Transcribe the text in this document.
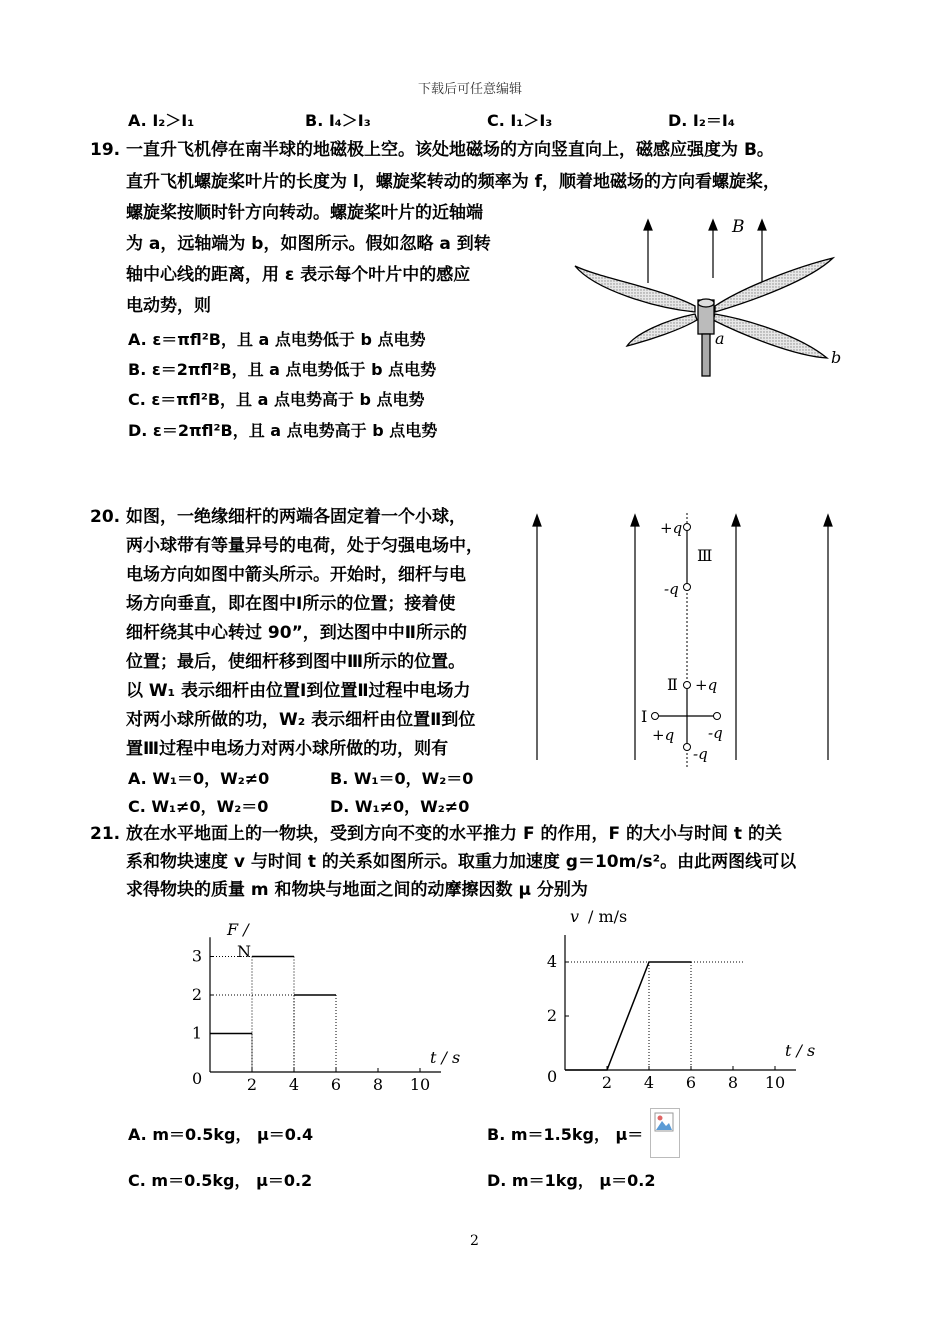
下载后可任意编辑
A. I₂＞I₁	B. I₄＞I₃	C. I₁＞I₃	D. I₂＝I₄
19. 一直升飞机停在南半球的地磁极上空。该处地磁场的方向竖直向上，磁感应强度为 B。
直升飞机螺旋桨叶片的长度为 l，螺旋桨转动的频率为 f，顺着地磁场的方向看螺旋桨，
螺旋桨按顺时针方向转动。螺旋桨叶片的近轴端
为 a，远轴端为 b，如图所示。假如忽略 a 到转
轴中心线的距离，用 ε 表示每个叶片中的感应
电动势，则
A. ε＝πfl²B，且 a 点电势低于 b 点电势
B. ε＝2πfl²B，且 a 点电势低于 b 点电势
C. ε＝πfl²B，且 a 点电势高于 b 点电势
D. ε＝2πfl²B，且 a 点电势高于 b 点电势
B
a
b
20. 如图，一绝缘细杆的两端各固定着一个小球，
两小球带有等量异号的电荷，处于匀强电场中，
电场方向如图中箭头所示。开始时，细杆与电
场方向垂直，即在图中Ⅰ所示的位置；接着使
细杆绕其中心转过 90”，到达图中中Ⅱ所示的
位置；最后，使细杆移到图中Ⅲ所示的位置。
以 W₁ 表示细杆由位置Ⅰ到位置Ⅱ过程中电场力
对两小球所做的功，W₂ 表示细杆由位置Ⅱ到位
置Ⅲ过程中电场力对两小球所做的功，则有
A. W₁＝0，W₂≠0	B. W₁＝0，W₂＝0
C. W₁≠0，W₂＝0	D. W₁≠0，W₂≠0
+q
Ⅲ
-q
Ⅱ +q
-q
Ⅰ
+q -q
21. 放在水平地面上的一物块，受到方向不变的水平推力 F 的作用，F 的大小与时间 t 的关
系和物块速度 v 与时间 t 的关系如图所示。取重力加速度 g＝10m/s²。由此两图线可以
求得物块的质量 m 和物块与地面之间的动摩擦因数 μ 分别为
0	2 4 6 8 10
1
2
3
t / s
F /
N
0	2 4 6 8 10
2
4
t / s
v / m/s
A. m＝0.5kg， μ＝0.4	B. m＝1.5kg， μ＝
C. m＝0.5kg， μ＝0.2	D. m＝1kg， μ＝0.2
2
